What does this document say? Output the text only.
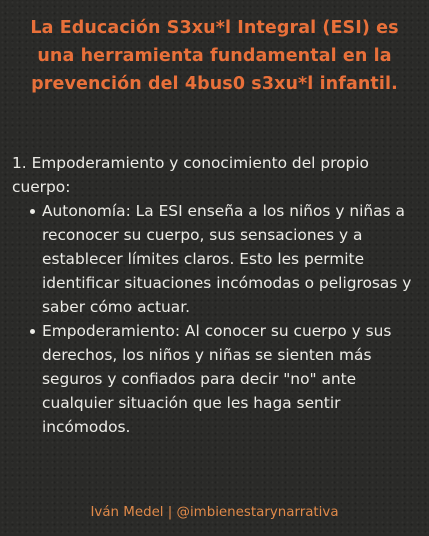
La Educación S3xu*l Integral (ESI) es una herramienta fundamental en la prevención del 4bus0 s3xu*l infantil.

1. Empoderamiento y conocimiento del propio cuerpo:

Autonomía: La ESI enseña a los niños y niñas a reconocer su cuerpo, sus sensaciones y a establecer límites claros. Esto les permite identificar situaciones incómodas o peligrosas y saber cómo actuar.
Empoderamiento: Al conocer su cuerpo y sus derechos, los niños y niñas se sienten más seguros y confiados para decir "no" ante cualquier situación que les haga sentir incómodos.
Iván Medel | @imbienestarynarrativa
